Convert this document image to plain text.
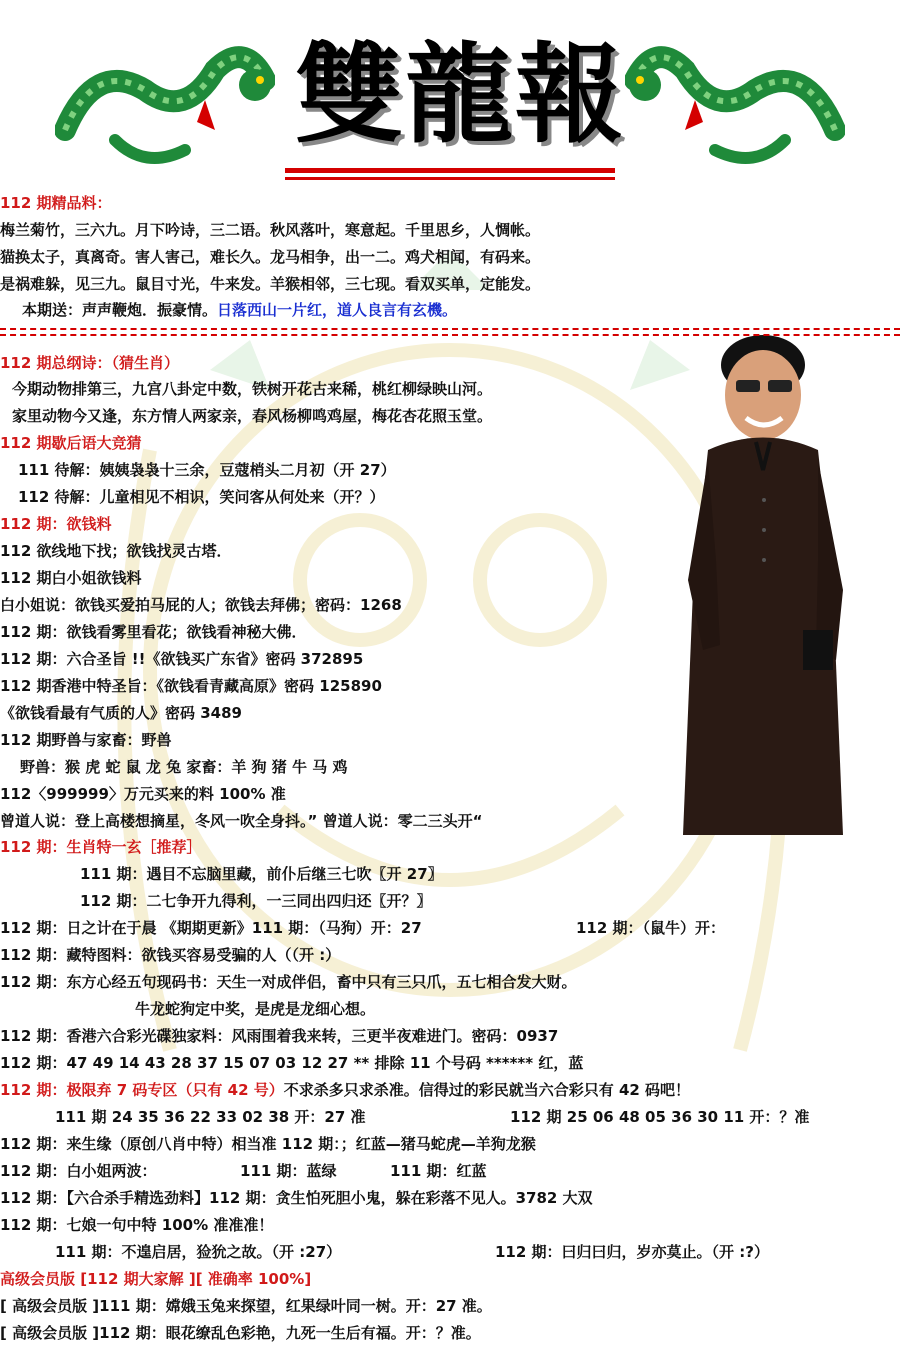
雙龍報
112 期精品料：
梅兰菊竹，三六九。月下吟诗，三二语。秋风落叶，寒意起。千里思乡，人惆帐。
猫换太子，真离奇。害人害己，难长久。龙马相争，出一二。鸡犬相闻，有码来。
是祸难躲，见三九。鼠目寸光，牛来发。羊猴相邻，三七现。看双买单，定能发。
本期送：声声鞭炮．振豪情。日落西山一片红，道人良言有玄機。
112 期总纲诗：（猜生肖）
今期动物排第三，九宫八卦定中数，铁树开花古来稀，桃红柳绿映山河。
家里动物今又逢，东方情人两家亲，春风杨柳鸣鸡屋，梅花杏花照玉堂。
112 期歇后语大竞猜
111 待解：姨姨袅袅十三余，豆蔻梢头二月初（开 27）
112 待解：儿童相见不相识，笑问客从何处来（开？）
112 期：欲钱料
112 欲线地下找；欲钱找灵古塔．
112 期白小姐欲钱料
白小姐说：欲钱买爱拍马屁的人；欲钱去拜佛；密码：1268
112 期：欲钱看雾里看花；欲钱看神秘大佛．
112 期：六合圣旨 !!《欲钱买广东省》密码 372895
112 期香港中特圣旨：《欲钱看青藏高原》密码 125890
《欲钱看最有气质的人》密码 3489
112 期野兽与家畜：野兽
野兽：猴 虎 蛇 鼠 龙 兔 家畜：羊 狗 猪 牛 马 鸡
112〈999999〉万元买来的料 100% 准
曾道人说：登上高楼想摘星，冬风一吹全身抖。” 曾道人说：零二三头开“
112 期：生肖特一玄［推荐］
111 期：遇目不忘脑里藏，前仆后继三七吹〖开 27〗
112 期：二七争开九得利，一三同出四归还〖开？〗
112 期：日之计在于晨 《期期更新》111 期：（马狗）开：27	112 期：（鼠牛）开：
112 期：藏特图料：欲钱买容易受骗的人（（开 :）
112 期：东方心经五句现码书：天生一对成伴侣，畜中只有三只爪，五七相合发大财。
牛龙蛇狗定中奖，是虎是龙细心想。
112 期：香港六合彩光碟独家料：风雨围着我来转，三更半夜难进门。密码：0937
112 期：47 49 14 43 28 37 15 07 03 12 27 ** 排除 11 个号码 ****** 红，蓝
112 期：极限弃 7 码专区（只有 42 号）不求杀多只求杀准。信得过的彩民就当六合彩只有 42 码吧！
111 期 24 35 36 22 33 02 38 开：27 准	112 期 25 06 48 05 36 30 11 开：？准
112 期：来生缘（原创八肖中特）相当准 112 期：；红蓝—猪马蛇虎—羊狗龙猴
112 期：白小姐两波：	111 期：蓝绿	111 期：红蓝
112 期：【六合杀手精选劲料】112 期：贪生怕死胆小鬼，躲在彩落不见人。3782 大双
112 期：七娘一句中特 100% 准准准！
111 期：不遑启居，猃狁之故。（开 :27）	112 期：曰归曰归，岁亦莫止。（开 :?）
高级会员版 [112 期大家解 ][ 准确率 100%]
[ 高级会员版 ]111 期：嫦娥玉兔来探望，红果绿叶同一树。开：27 准。
[ 高级会员版 ]112 期：眼花缭乱色彩艳，九死一生后有福。开：？准。
